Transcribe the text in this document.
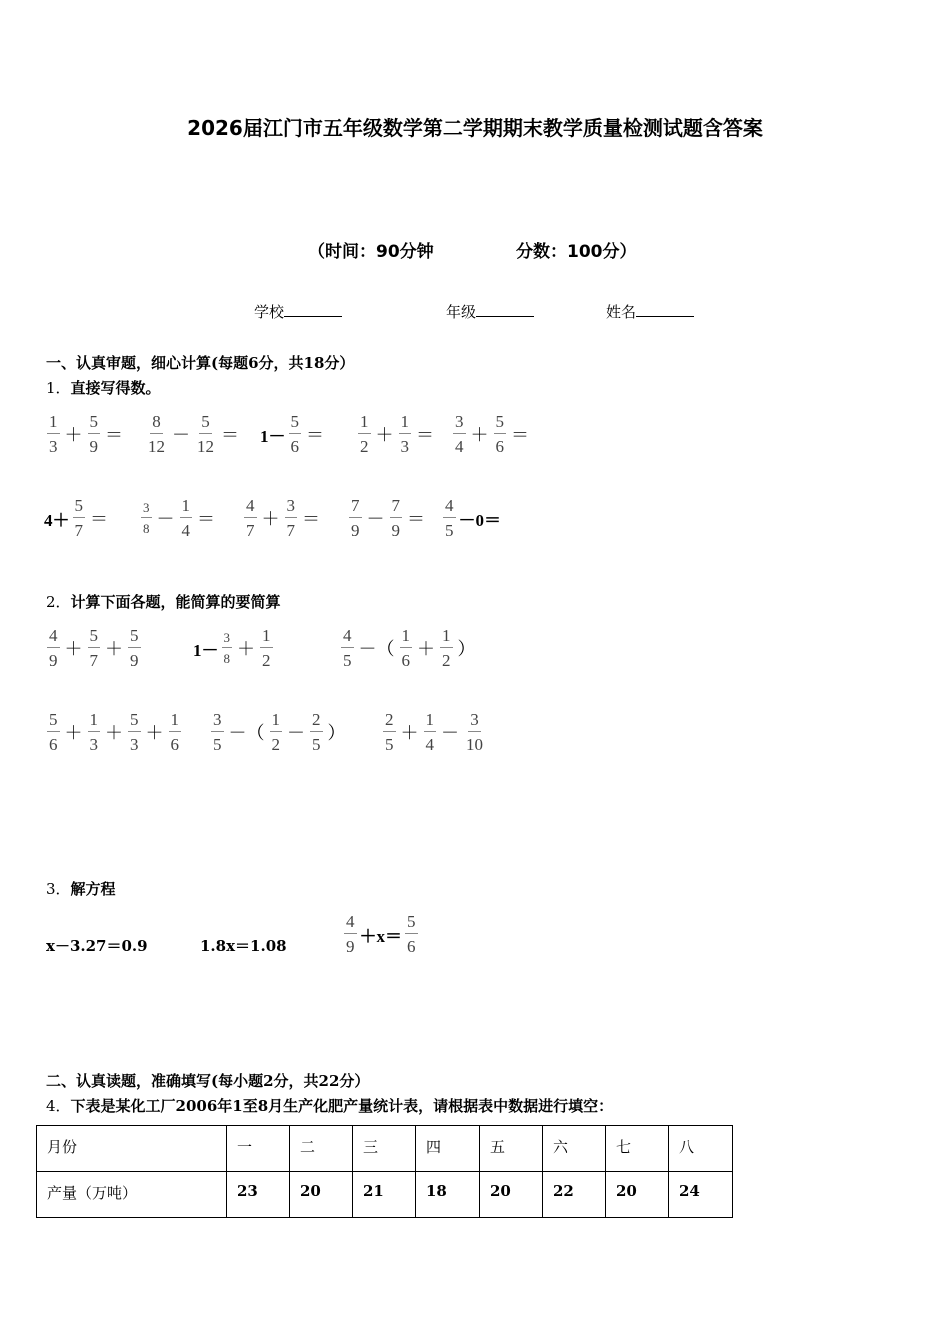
2026届江门市五年级数学第二学期期末教学质量检测试题含答案
（时间：90分钟	分数：100分）
学校	年级	姓名
一、认真审题，细心计算(每题6分，共18分）
1．直接写得数。
$\frac{1}{3} + \frac{5}{9} = \frac{8}{12} - \frac{5}{12} = 1- \frac{5}{6} = \frac{1}{2} + \frac{1}{3} = \frac{3}{4} + \frac{5}{6}$ ＝
$4+ \frac{5}{7}$ ＝	$\frac{3}{8} - \frac{1}{4} = \frac{4}{7} + \frac{3}{7} = \frac{7}{9} - \frac{7}{9} = \frac{4}{5} -0=$
2．计算下面各题，能简算的要简算
$\frac{4}{9} + \frac{5}{7} + \frac{5}{9}$	$1- \frac{3}{8} + \frac{1}{2}$	$\frac{4}{5}$ －（ $\frac{1}{6} + \frac{1}{2}$ ）
$\frac{5}{6} + \frac{1}{3} + \frac{5}{3} + \frac{1}{6} \frac{3}{5}$ －（ $\frac{1}{2} - \frac{2}{5}$ ） $\frac{2}{5} + \frac{1}{4} - \frac{3}{10}$
3．解方程
x－3.27＝0.9	1.8x＝1.08	$\frac{4}{9} +x= \frac{5}{6}$
二、认真读题，准确填写(每小题2分，共22分）
4．下表是某化工厂2006年1至8月生产化肥产量统计表，请根据表中数据进行填空：
月份	一	二	三	四	五	六	七	八
产量（万吨）	23	20	21	18	20	22	20	24
